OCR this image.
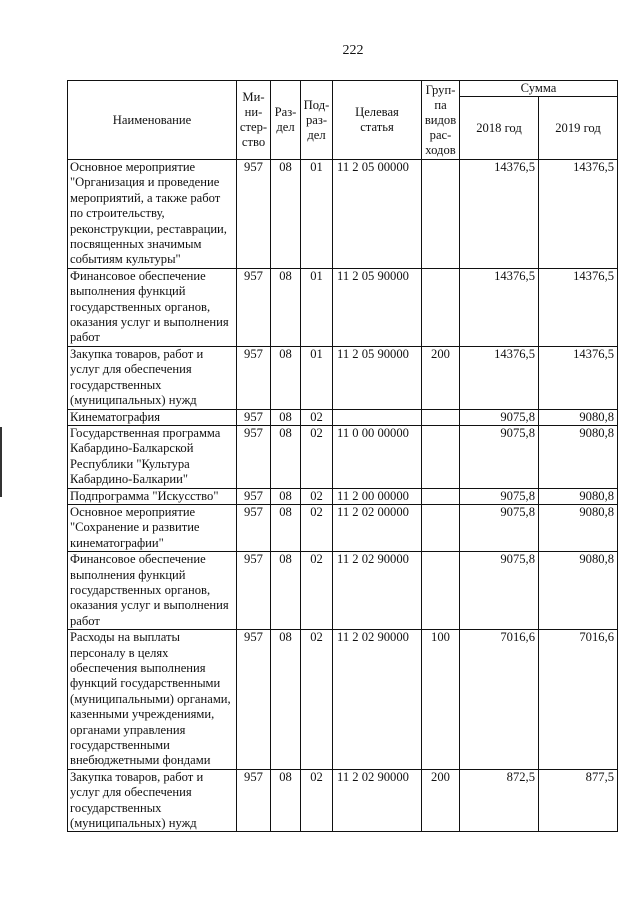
222
Наименование	Ми-
ни-
стер-
ство	Раз-
дел	Под-
раз-
дел	Целевая
статья	Груп-
па
видов
рас-
ходов	Сумма	
						2018 год	2019 год
Основное мероприятие "Организация и проведение мероприятий, а также работ по строительству, реконструкции, реставрации, посвященных значимым событиям культуры"	957	08	01	11 2 05 00000		14376,5	14376,5
Финансовое обеспечение выполнения функций государственных органов, оказания услуг и выполнения работ	957	08	01	11 2 05 90000		14376,5	14376,5
Закупка товаров, работ и услуг для обеспечения государственных (муниципальных) нужд	957	08	01	11 2 05 90000	200	14376,5	14376,5
Кинематография	957	08	02			9075,8	9080,8
Государственная программа Кабардино-Балкарской Республики "Культура Кабардино-Балкарии"	957	08	02	11 0 00 00000		9075,8	9080,8
Подпрограмма "Искусство"	957	08	02	11 2 00 00000		9075,8	9080,8
Основное мероприятие "Сохранение и развитие кинематографии"	957	08	02	11 2 02 00000		9075,8	9080,8
Финансовое обеспечение выполнения функций государственных органов, оказания услуг и выполнения работ	957	08	02	11 2 02 90000		9075,8	9080,8
Расходы на выплаты персоналу в целях обеспечения выполнения функций государственными (муниципальными) органами, казенными учреждениями, органами управления государственными внебюджетными фондами	957	08	02	11 2 02 90000	100	7016,6	7016,6
Закупка товаров, работ и услуг для обеспечения государственных (муниципальных) нужд	957	08	02	11 2 02 90000	200	872,5	877,5
